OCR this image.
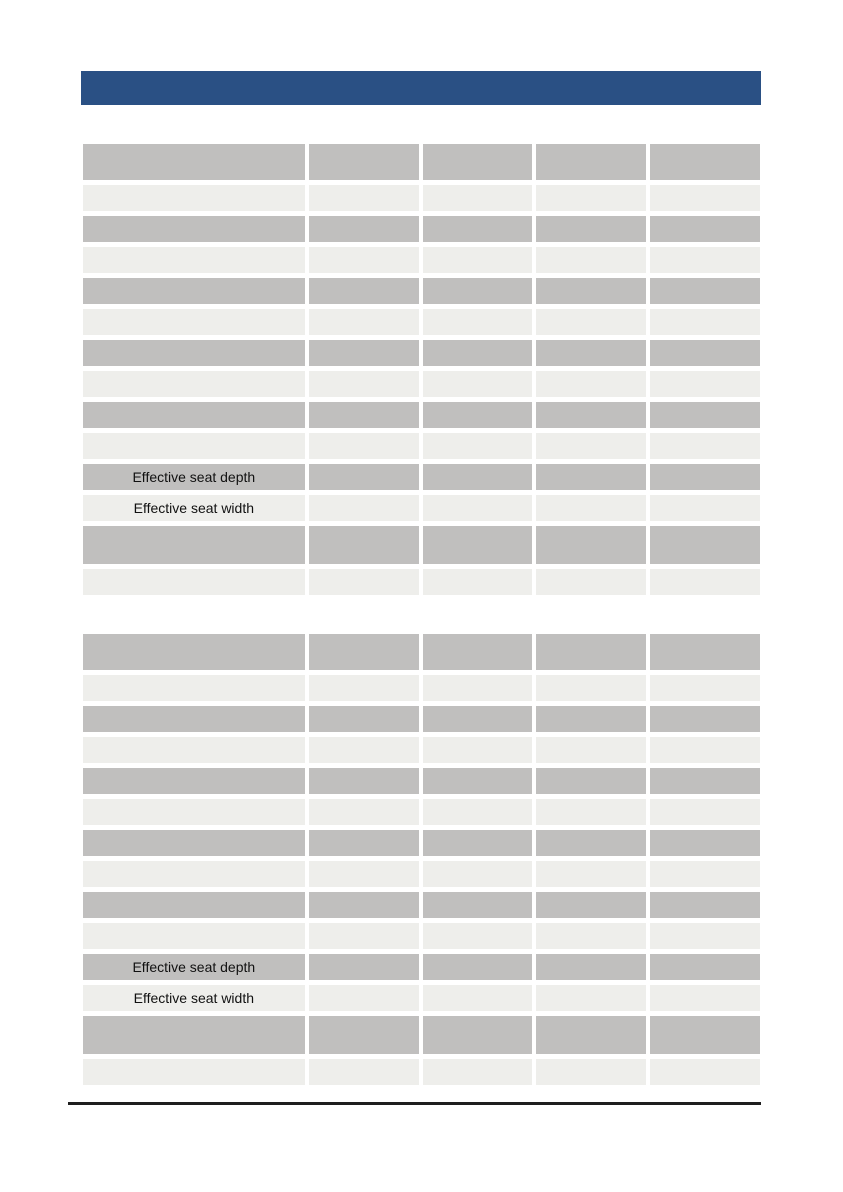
Effective seat depth
Effective seat width
Effective seat depth
Effective seat width
